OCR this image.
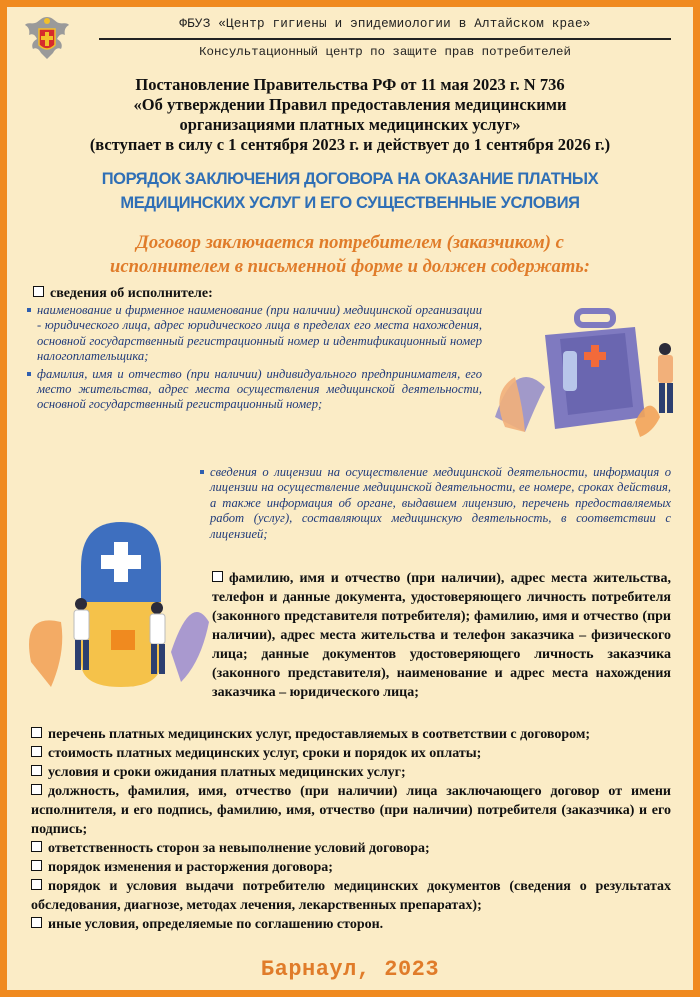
ФБУЗ «Центр гигиены и эпидемиологии в Алтайском крае»
Консультационный центр по защите прав потребителей
Постановление Правительства РФ от 11 мая 2023 г. N 736
«Об утверждении Правил предоставления медицинскими
организациями платных медицинских услуг»
(вступает в силу с 1 сентября 2023 г. и действует до 1 сентября 2026 г.)
ПОРЯДОК ЗАКЛЮЧЕНИЯ ДОГОВОРА НА ОКАЗАНИЕ ПЛАТНЫХ
МЕДИЦИНСКИХ УСЛУГ И ЕГО СУЩЕСТВЕННЫЕ УСЛОВИЯ
Договор заключается потребителем (заказчиком) с
исполнителем в письменной форме и должен содержать:
сведения об исполнителе:
наименование и фирменное наименование (при наличии) медицинской организации - юридического лица, адрес юридического лица в пределах его места нахождения, основной государственный регистрационный номер и идентификационный номер налогоплательщика;
фамилия, имя и отчество (при наличии) индивидуального предпринимателя, его место жительства, адрес места осуществления медицинской деятельности, основной государственный регистрационный номер;
сведения о лицензии на осуществление медицинской деятельности, информация о лицензии на осуществление медицинской деятельности, ее номере, сроках действия, а также информация об органе, выдавшем лицензию, перечень предоставляемых работ (услуг), составляющих медицинскую деятельность, в соответствии с лицензией;

фамилию, имя и отчество (при наличии), адрес места жительства, телефон и данные документа, удостоверяющего личность потребителя (законного представителя потребителя); фамилию, имя и отчество (при наличии), адрес места жительства и телефон заказчика – физического лица; данные документов удостоверяющего личность заказчика (законного представителя), наименование и адрес места нахождения заказчика – юридического лица;

перечень платных медицинских услуг, предоставляемых в соответствии с договором;
стоимость платных медицинских услуг, сроки и порядок их оплаты;
условия и сроки ожидания платных медицинских услуг;
должность, фамилия, имя, отчество (при наличии) лица заключающего договор от имени исполнителя, и его подпись, фамилию, имя, отчество (при наличии) потребителя (заказчика) и его подпись;
ответственность сторон за невыполнение условий договора;
порядок изменения и расторжения договора;
порядок и условия выдачи потребителю медицинских документов (сведения о результатах обследования, диагнозе, методах лечения, лекарственных препаратах);
иные условия, определяемые по соглашению сторон.
Барнаул, 2023
